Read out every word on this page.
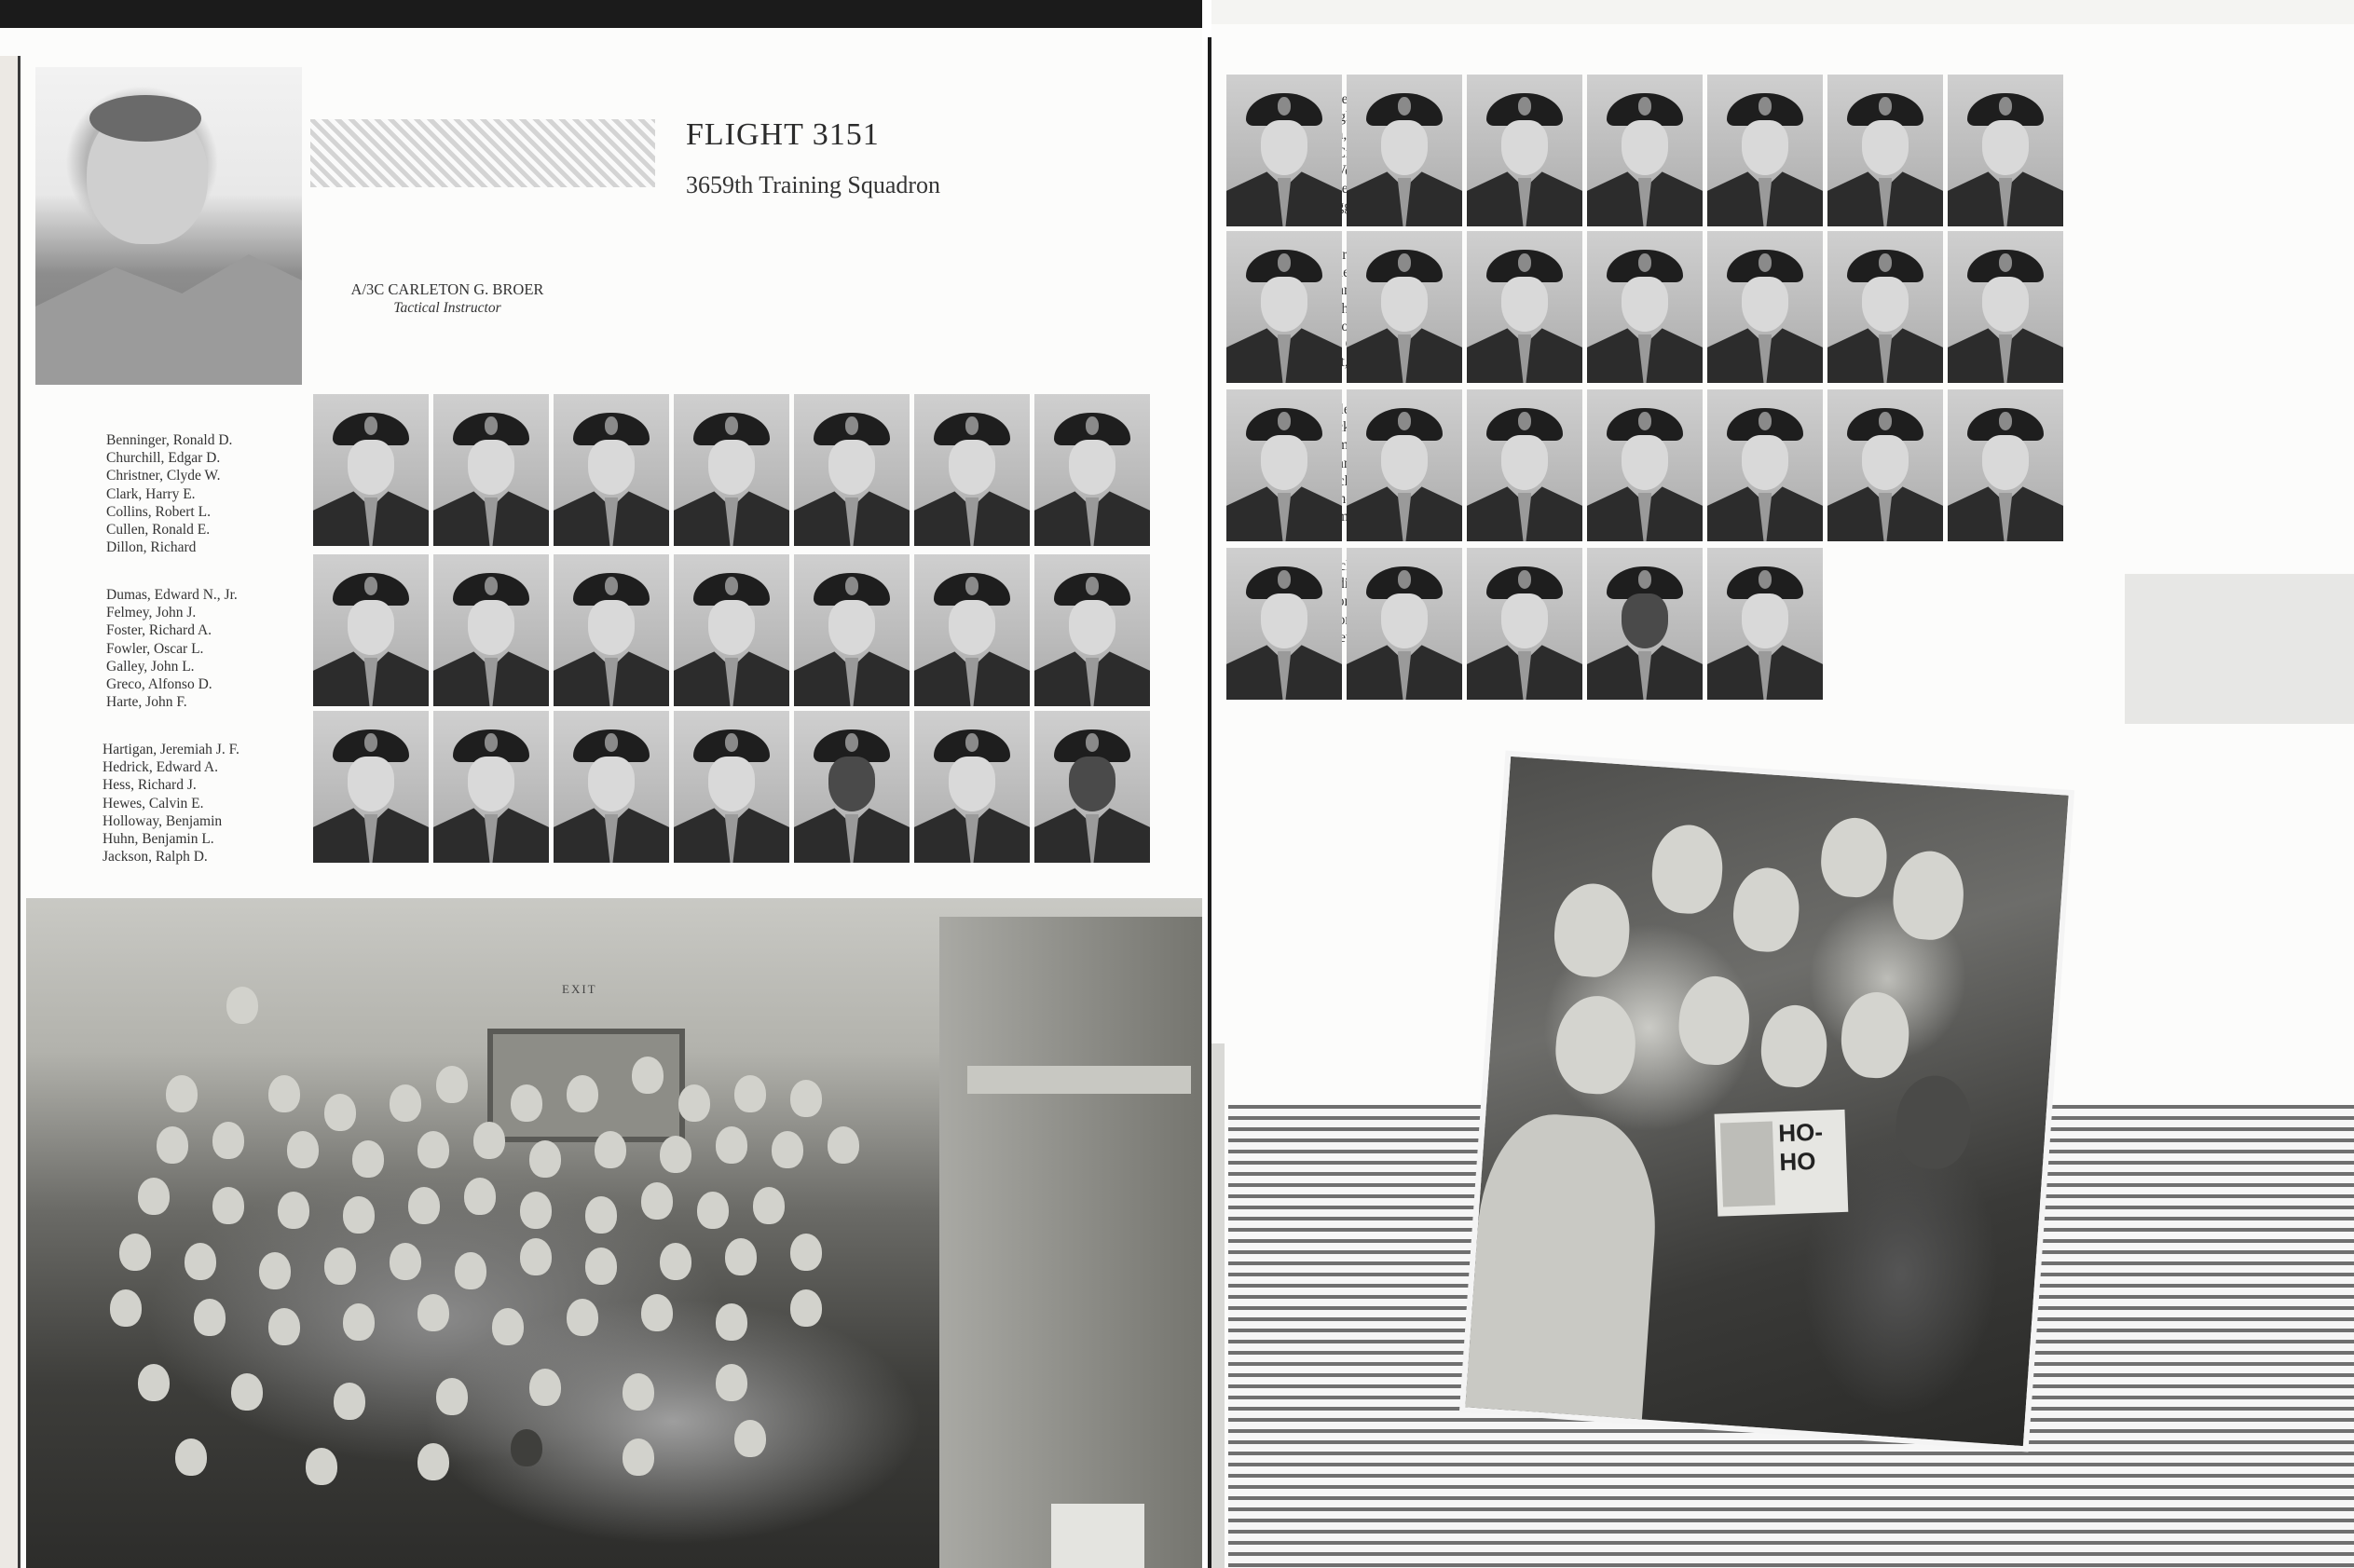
FLIGHT 3151
3659th Training Squadron
A/3C CARLETON G. BROER
Tactical Instructor
Benninger, Ronald D.
Churchill, Edgar D.
Christner, Clyde W.
Clark, Harry E.
Collins, Robert L.
Cullen, Ronald E.
Dillon, Richard
Dumas, Edward N., Jr.
Felmey, John J.
Foster, Richard A.
Fowler, Oscar L.
Galley, John L.
Greco, Alfonso D.
Harte, John F.
Hartigan, Jeremiah J. F.
Hedrick, Edward A.
Hess, Richard J.
Hewes, Calvin E.
Holloway, Benjamin
Huhn, Benjamin L.
Jackson, Ralph D.
EXIT
Ratchford,
Steinman,
Thomson,
Zmijewski,
HO-HO
